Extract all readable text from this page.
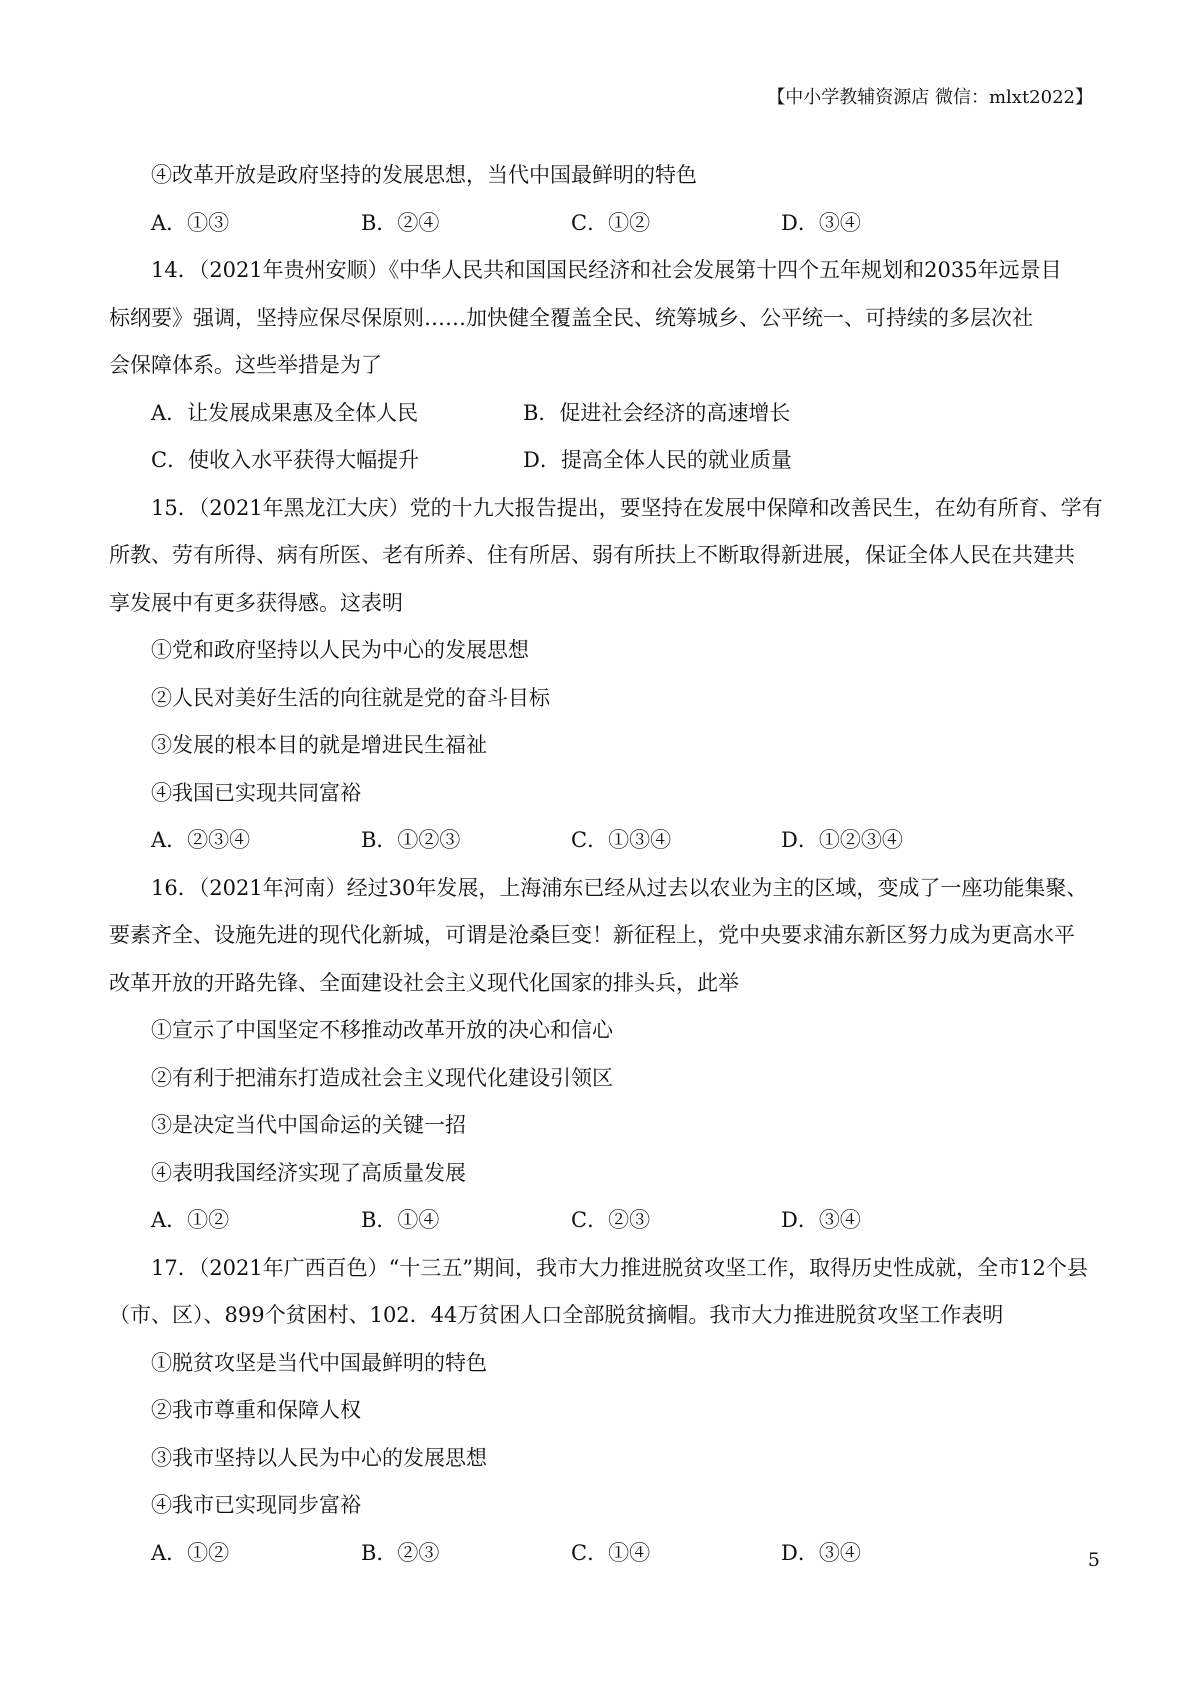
【中小学教辅资源店 微信：mlxt2022】
④改革开放是政府坚持的发展思想，当代中国最鲜明的特色
A．①③	B．②④	C．①②	D．③④
14．（2021年贵州安顺）《中华人民共和国国民经济和社会发展第十四个五年规划和2035年远景目
标纲要》强调，坚持应保尽保原则……加快健全覆盖全民、统筹城乡、公平统一、可持续的多层次社
会保障体系。这些举措是为了
A．让发展成果惠及全体人民	B．促进社会经济的高速增长
C．使收入水平获得大幅提升	D．提高全体人民的就业质量
15．（2021年黑龙江大庆）党的十九大报告提出，要坚持在发展中保障和改善民生，在幼有所育、学有
所教、劳有所得、病有所医、老有所养、住有所居、弱有所扶上不断取得新进展，保证全体人民在共建共
享发展中有更多获得感。这表明
①党和政府坚持以人民为中心的发展思想
②人民对美好生活的向往就是党的奋斗目标
③发展的根本目的就是增进民生福祉
④我国已实现共同富裕
A．②③④	B．①②③	C．①③④	D．①②③④
16．（2021年河南）经过30年发展，上海浦东已经从过去以农业为主的区域，变成了一座功能集聚、
要素齐全、设施先进的现代化新城，可谓是沧桑巨变！新征程上，党中央要求浦东新区努力成为更高水平
改革开放的开路先锋、全面建设社会主义现代化国家的排头兵，此举
①宣示了中国坚定不移推动改革开放的决心和信心
②有利于把浦东打造成社会主义现代化建设引领区
③是决定当代中国命运的关键一招
④表明我国经济实现了高质量发展
A．①②	B．①④	C．②③	D．③④
17．（2021年广西百色）“十三五”期间，我市大力推进脱贫攻坚工作，取得历史性成就，全市12个县
（市、区）、899个贫困村、102．44万贫困人口全部脱贫摘帽。我市大力推进脱贫攻坚工作表明
①脱贫攻坚是当代中国最鲜明的特色
②我市尊重和保障人权
③我市坚持以人民为中心的发展思想
④我市已实现同步富裕
A．①②	B．②③	C．①④	D．③④	5
